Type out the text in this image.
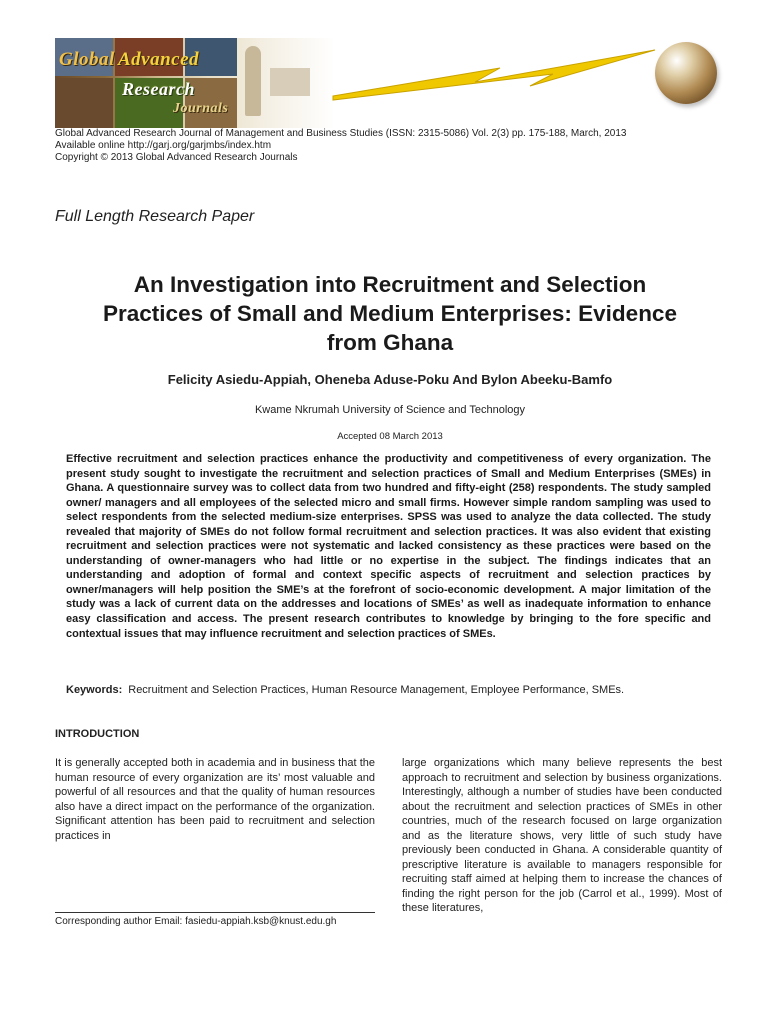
Global Advanced
Research
Journals
Global Advanced Research Journal of Management and Business Studies (ISSN: 2315-5086) Vol. 2(3) pp. 175-188, March, 2013
Available online http://garj.org/garjmbs/index.htm
Copyright © 2013 Global Advanced Research Journals
Full Length Research Paper
An Investigation into Recruitment and Selection
Practices of Small and Medium Enterprises: Evidence
from Ghana
Felicity Asiedu-Appiah, Oheneba Aduse-Poku And Bylon Abeeku-Bamfo
Kwame Nkrumah University of Science and Technology
Accepted 08 March 2013
Effective recruitment and selection practices enhance the productivity and competitiveness of every organization. The present study sought to investigate the recruitment and selection practices of Small and Medium Enterprises (SMEs) in Ghana. A questionnaire survey was to collect data from two hundred and fifty-eight (258) respondents. The study sampled owner/ managers and all employees of the selected micro and small firms. However simple random sampling was used to select respondents from the selected medium-size enterprises. SPSS was used to analyze the data collected. The study revealed that majority of SMEs do not follow formal recruitment and selection practices. It was also evident that existing recruitment and selection practices were not systematic and lacked consistency as these practices were based on the understanding of owner-managers who had little or no expertise in the subject. The findings indicates that an understanding and adoption of formal and context specific aspects of recruitment and selection practices by owner/managers will help position the SME’s at the forefront of socio-economic development. A major limitation of the study was a lack of current data on the addresses and locations of SMEs’ as well as inadequate information to enhance easy classification and access. The present research contributes to knowledge by bringing to the fore specific and contextual issues that may influence recruitment and selection practices of SMEs.
Keywords: Recruitment and Selection Practices, Human Resource Management, Employee Performance, SMEs.
INTRODUCTION
It is generally accepted both in academia and in business that the human resource of every organization are its’ most valuable and powerful of all resources and that the quality of human resources also have a direct impact on the performance of the organization. Significant attention has been paid to recruitment and selection practices in
large organizations which many believe represents the best approach to recruitment and selection by business organizations. Interestingly, although a number of studies have been conducted about the recruitment and selection practices of SMEs in other countries, much of the research focused on large organization and as the literature shows, very little of such study have previously been conducted in Ghana. A considerable quantity of prescriptive literature is available to managers responsible for recruiting staff aimed at helping them to increase the chances of finding the right person for the job (Carrol et al., 1999). Most of these literatures,
Corresponding author Email: fasiedu-appiah.ksb@knust.edu.gh
